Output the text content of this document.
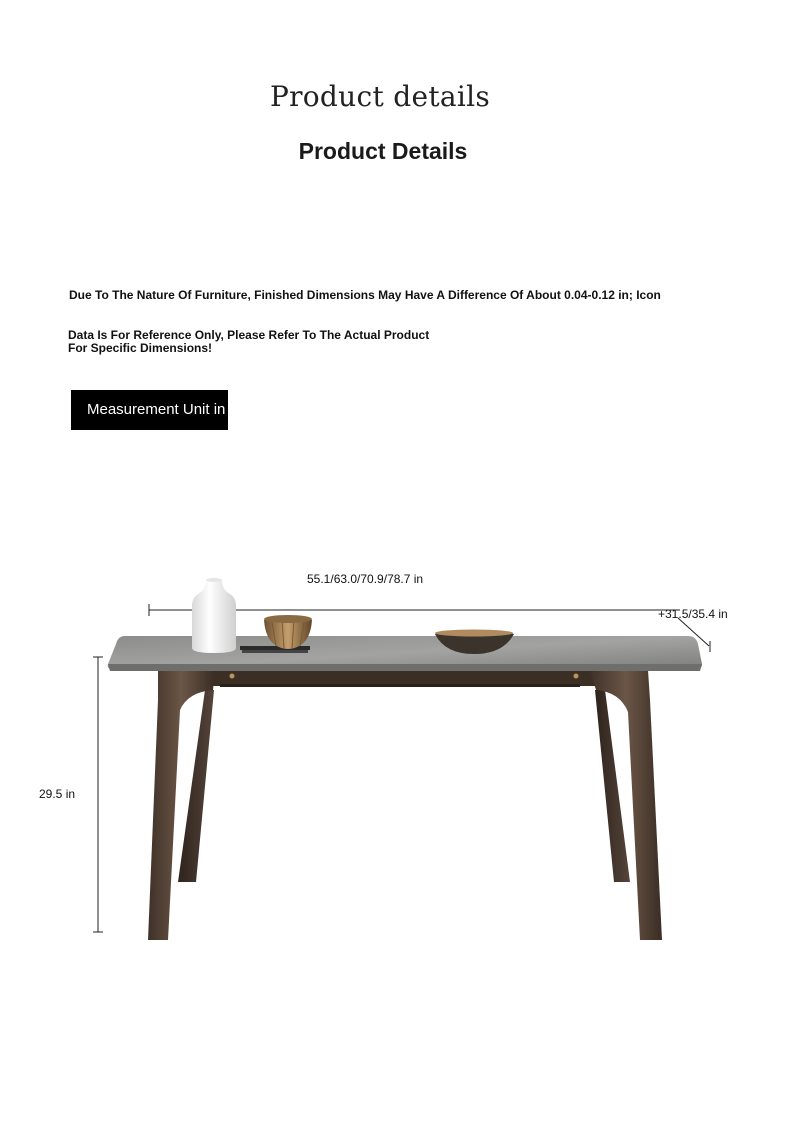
Product details
Product Details
Due To The Nature Of Furniture, Finished Dimensions May Have A Difference Of About 0.04-0.12 in; Icon
Data Is For Reference Only, Please Refer To The Actual Product For Specific Dimensions!
Measurement Unit in
55.1/63.0/70.9/78.7 in
+31.5/35.4 in
29.5 in
